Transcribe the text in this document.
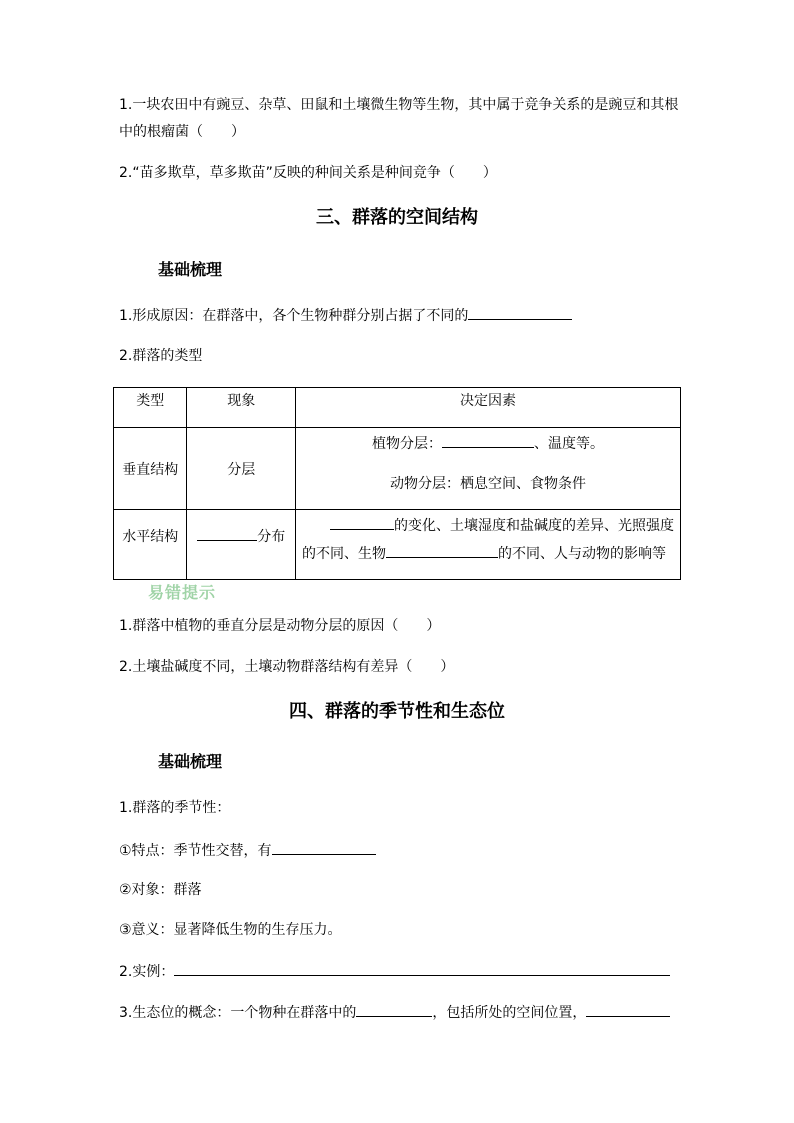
1.一块农田中有豌豆、杂草、田鼠和土壤微生物等生物，其中属于竞争关系的是豌豆和其根
中的根瘤菌（　　）
2.“苗多欺草，草多欺苗”反映的种间关系是种间竞争（　　）
三、群落的空间结构
基础梳理
1.形成原因：在群落中，各个生物种群分别占据了不同的
2.群落的类型
类型	现象	决定因素
垂直结构	分层	植物分层： 、温度等。
动物分层：栖息空间、食物条件

水平结构	分布	的变化、土壤湿度和盐碱度的差异、光照强度
的不同、生物 的不同、人与动物的影响等
易错提示
1.群落中植物的垂直分层是动物分层的原因（　　）
2.土壤盐碱度不同，土壤动物群落结构有差异（　　）
四、群落的季节性和生态位
基础梳理
1.群落的季节性：
①特点：季节性交替，有
②对象：群落
③意义：显著降低生物的生存压力。
2.实例：
3.生态位的概念：一个物种在群落中的	，包括所处的空间位置，
